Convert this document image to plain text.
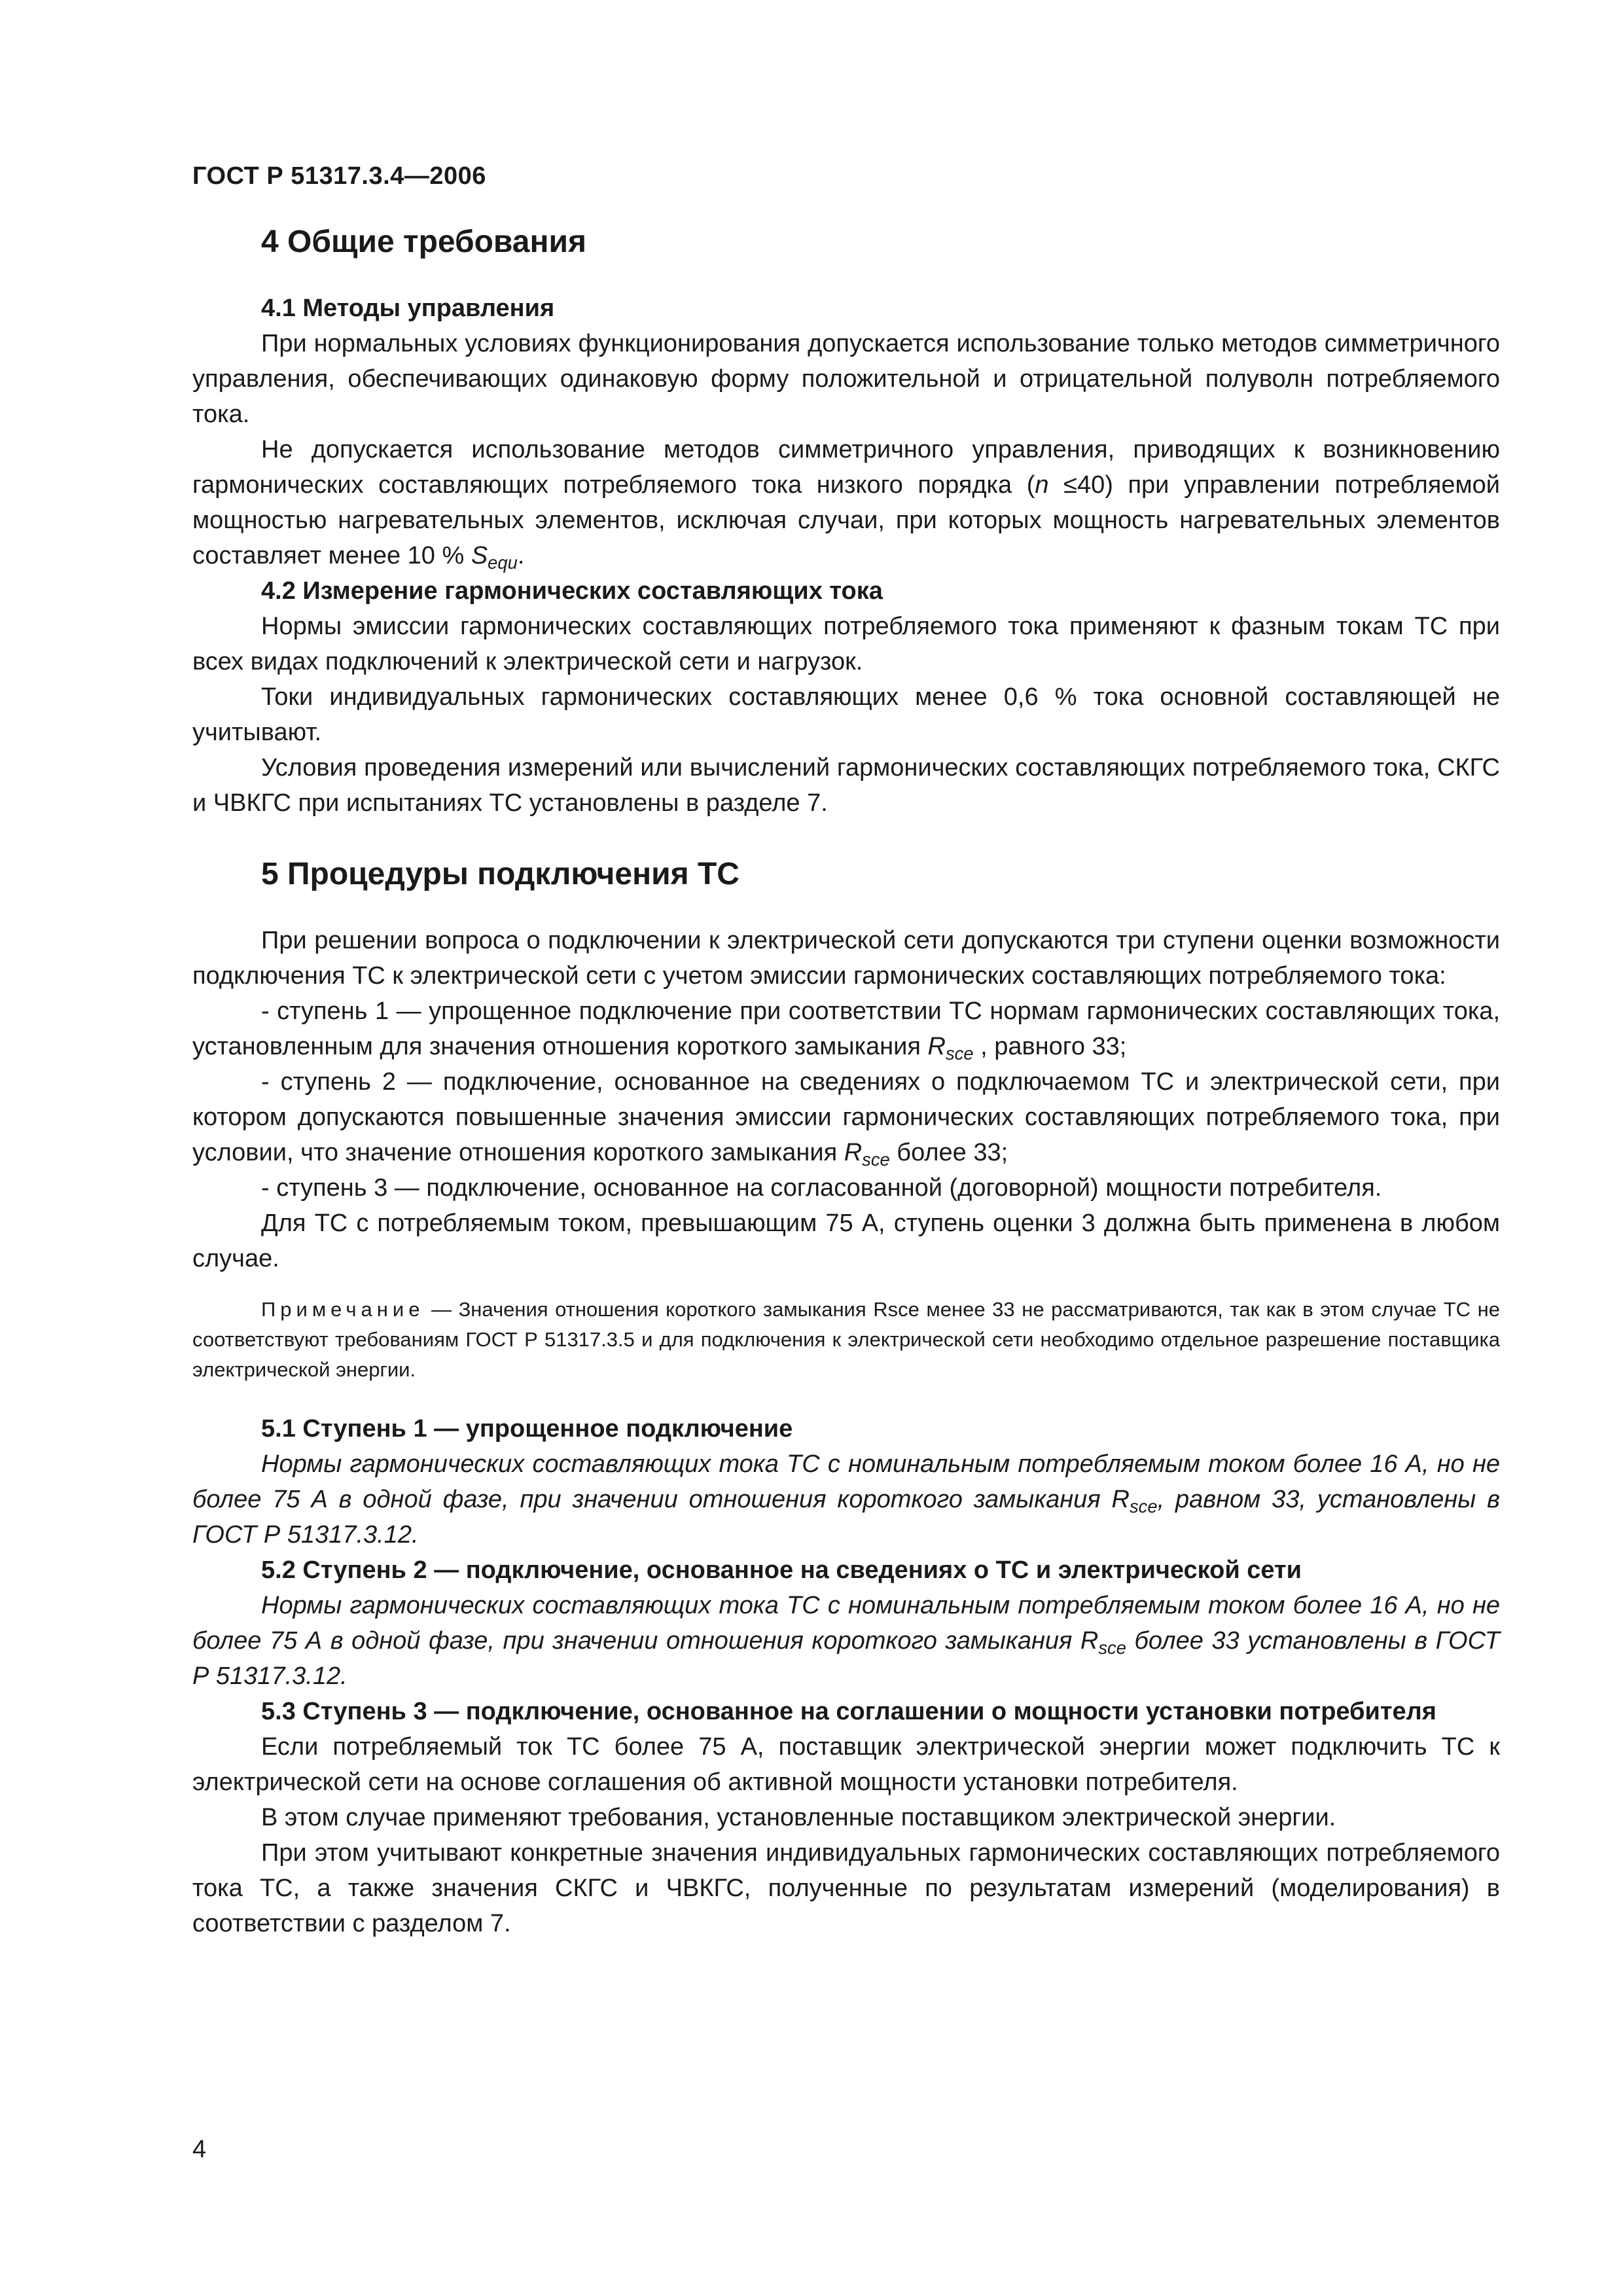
ГОСТ Р 51317.3.4—2006
4 Общие требования
4.1 Методы управления

При нормальных условиях функционирования допускается использование только методов симметричного управления, обеспечивающих одинаковую форму положительной и отрицательной полуволн потребляемого тока.

Не допускается использование методов симметричного управления, приводящих к возникновению гармонических составляющих потребляемого тока низкого порядка (n ≤40) при управлении потребляемой мощностью нагревательных элементов, исключая случаи, при которых мощность нагревательных элементов составляет менее 10 % $S_{equ}$.

4.2 Измерение гармонических составляющих тока

Нормы эмиссии гармонических составляющих потребляемого тока применяют к фазным токам ТС при всех видах подключений к электрической сети и нагрузок.

Токи индивидуальных гармонических составляющих менее 0,6 % тока основной составляющей не учитывают.

Условия проведения измерений или вычислений гармонических составляющих потребляемого тока, СКГС и ЧВКГС при испытаниях ТС установлены в разделе 7.

5 Процедуры подключения ТС

При решении вопроса о подключении к электрической сети допускаются три ступени оценки возможности подключения ТС к электрической сети с учетом эмиссии гармонических составляющих потребляемого тока:

- ступень 1 — упрощенное подключение при соответствии ТС нормам гармонических составляющих тока, установленным для значения отношения короткого замыкания $R_{sce}$ , равного 33;

- ступень 2 — подключение, основанное на сведениях о подключаемом ТС и электрической сети, при котором допускаются повышенные значения эмиссии гармонических составляющих потребляемого тока, при условии, что значение отношения короткого замыкания $R_{sce}$ более 33;

- ступень 3 — подключение, основанное на согласованной (договорной) мощности потребителя.

Для ТС с потребляемым током, превышающим 75 А, ступень оценки 3 должна быть применена в любом случае.

Примечание — Значения отношения короткого замыкания Rsce менее 33 не рассматриваются, так как в этом случае ТС не соответствуют требованиям ГОСТ Р 51317.3.5 и для подключения к электрической сети необходимо отдельное разрешение поставщика электрической энергии.

5.1 Ступень 1 — упрощенное подключение

Нормы гармонических составляющих тока ТС с номинальным потребляемым током более 16 А, но не более 75 А в одной фазе, при значении отношения короткого замыкания $R_{sce}$, равном 33, установлены в ГОСТ Р 51317.3.12.

5.2 Ступень 2 — подключение, основанное на сведениях о ТС и электрической сети

Нормы гармонических составляющих тока ТС с номинальным потребляемым током более 16 А, но не более 75 А в одной фазе, при значении отношения короткого замыкания $R_{sce}$ более 33 установлены в ГОСТ Р 51317.3.12.

5.3 Ступень 3 — подключение, основанное на соглашении о мощности установки потребителя

Если потребляемый ток ТС более 75 А, поставщик электрической энергии может подключить ТС к электрической сети на основе соглашения об активной мощности установки потребителя.

В этом случае применяют требования, установленные поставщиком электрической энергии.

При этом учитывают конкретные значения индивидуальных гармонических составляющих потребляемого тока ТС, а также значения СКГС и ЧВКГС, полученные по результатам измерений (моделирования) в соответствии с разделом 7.

4
